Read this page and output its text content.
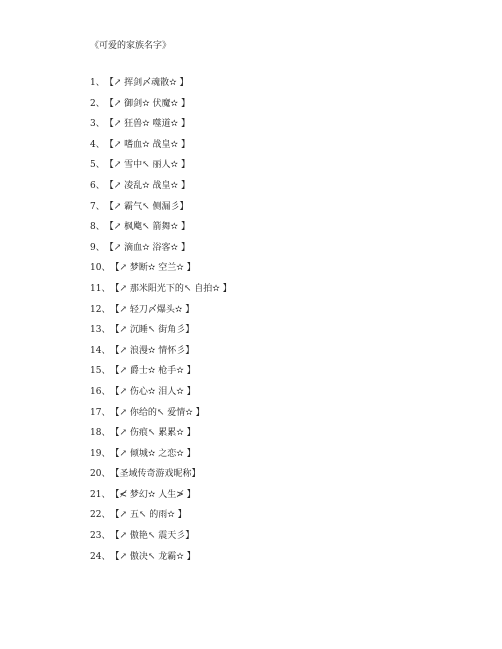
《可爱的家族名字》
1、【↗ 挥剑〆魂散✫ 】
2、【↗ 御剑✫ 伏魔✫ 】
3、【↗ 狂兽✫ 噬道✫ 】
4、【↗ 嗜血✫ 战皇✫ 】
5、【↗ 雪中↖ 丽人✫ 】
6、【↗ 凌乱✫ 战皇✫ 】
7、【↗ 霸气↖ 侧漏彡】
8、【↗ 枫飑↖ 箭舞✫ 】
9、【↗ 滴血✫ 浴客✫ 】
10、【↗ 梦断✫ 空兰✫ 】
11、【↗ 那米阳光下的↖ 自拍✫ 】
12、【↗ 轻刀〆爆头✫ 】
13、【↗ 沉睡↖ 街角彡】
14、【↗ 浪漫✫ 情怀彡】
15、【↗ 爵士✫ 枪手✫ 】
16、【↗ 伤心✫ 泪人✫ 】
17、【↗ 你给的↖ 爱情✫ 】
18、【↗ 伤痕↖ 累累✫ 】
19、【↗ 倾城✫ 之恋✫ 】
20、【圣域传奇游戏昵称】
21、【≮ 梦幻✫ 人生≯ 】
22、【↗ 五↖ 的雨✫ 】
23、【↗ 傲艳↖ 震天彡】
24、【↗ 傲决↖ 龙霸✫ 】
